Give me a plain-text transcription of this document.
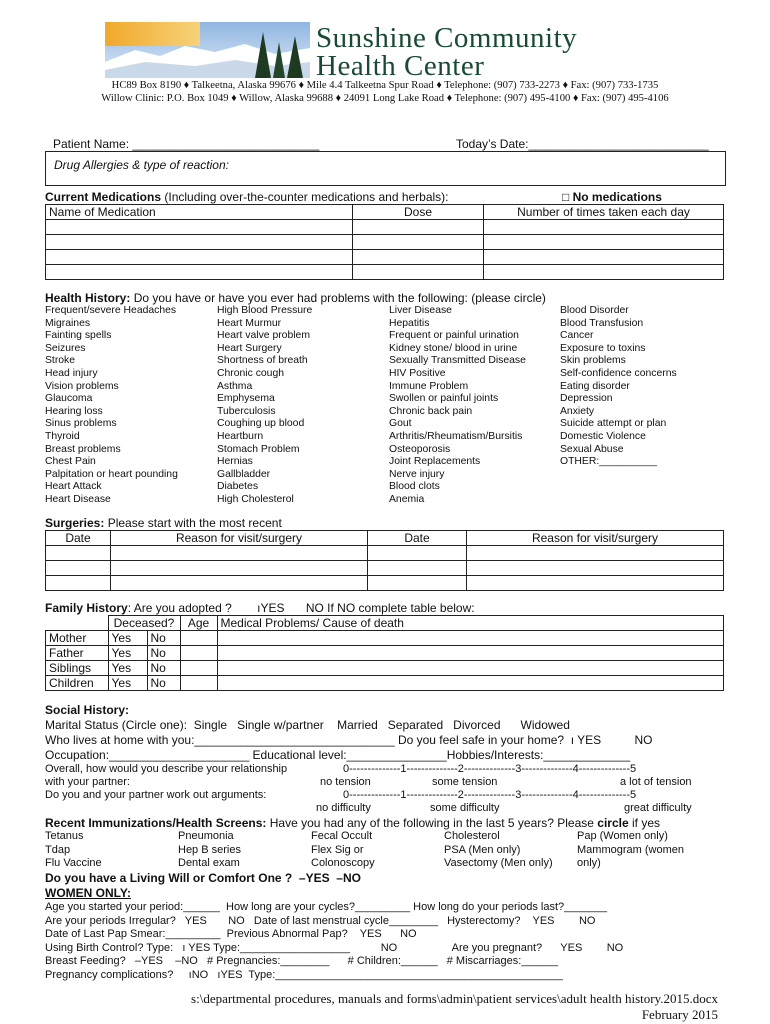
Sunshine Community
Health Center
HC89 Box 8190 ♦ Talkeetna, Alaska 99676 ♦ Mile 4.4 Talkeetna Spur Road ♦ Telephone: (907) 733-2273 ♦ Fax: (907) 733-1735
Willow Clinic: P.O. Box 1049 ♦ Willow, Alaska 99688 ♦ 24091 Long Lake Road ♦ Telephone: (907) 495-4100 ♦ Fax: (907) 495-4106
Patient Name: ____________________________	Today’s Date:___________________________
Drug Allergies & type of reaction:
Current Medications (Including over-the-counter medications and herbals):	□ No medications
Name of Medication	Dose	Number of times taken each day

Health History: Do you have or have you ever had problems with the following: (please circle)
Frequent/severe Headaches
Migraines
Fainting spells
Seizures
Stroke
Head injury
Vision problems
Glaucoma
Hearing loss
Sinus problems
Thyroid
Breast problems
Chest Pain
Palpitation or heart pounding
Heart Attack
Heart Disease
High Blood Pressure
Heart Murmur
Heart valve problem
Heart Surgery
Shortness of breath
Chronic cough
Asthma
Emphysema
Tuberculosis
Coughing up blood
Heartburn
Stomach Problem
Hernias
Gallbladder
Diabetes
High Cholesterol
Liver Disease
Hepatitis
Frequent or painful urination
Kidney stone/ blood in urine
Sexually Transmitted Disease
HIV Positive
Immune Problem
Swollen or painful joints
Chronic back pain
Gout
Arthritis/Rheumatism/Bursitis
Osteoporosis
Joint Replacements
Nerve injury
Blood clots
Anemia
Blood Disorder
Blood Transfusion
Cancer
Exposure to toxins
Skin problems
Self-confidence concerns
Eating disorder
Depression
Anxiety
Suicide attempt or plan
Domestic Violence
Sexual Abuse
OTHER:__________
Surgeries: Please start with the most recent
Date	Reason for visit/surgery	Date	Reason for visit/surgery

Family History: Are you adopted ? ıYES NO If NO complete table below:
	Deceased?		Age	Medical Problems/ Cause of death
Mother	Yes	No		
Father	Yes	No		
Siblings	Yes	No		
Children	Yes	No		
Social History:
Marital Status (Circle one):  Single   Single w/partner    Married   Separated   Divorced      Widowed
Who lives at home with you:______________________________ Do you feel safe in your home?  ı YES          NO
Occupation:_____________________ Educational level:_______________Hobbies/Interests:_____________
Overall, how would you describe your relationship
with your partner:
0--------------1--------------2--------------3--------------4--------------5
no tension	some tension	a lot of tension
Do you and your partner work out arguments:	0--------------1--------------2--------------3--------------4--------------5
no difficulty	some difficulty	great difficulty
Recent Immunizations/Health Screens: Have you had any of the following in the last 5 years? Please circle if yes
Tetanus
Tdap
Flu Vaccine
Pneumonia
Hep B series
Dental exam
Fecal Occult
Flex Sig or
Colonoscopy
Cholesterol
PSA (Men only)
Vasectomy (Men only)
Pap (Women only)
Mammogram (women
only)
Do you have a Living Will or Comfort One ?  –YES  –NO
WOMEN ONLY:
Age you started your period:______  How long are your cycles?_________ How long do your periods last?_______
Are your periods Irregular?   YES       NO   Date of last menstrual cycle________   Hysterectomy?    YES        NO
Date of Last Pap Smear:_________  Previous Abnormal Pap?    YES      NO
Using Birth Control? Type:   ı YES Type:__________________          NO                  Are you pregnant?      YES        NO
Breast Feeding?   –YES    –NO   # Pregnancies:________      # Children:______   # Miscarriages:______
Pregnancy complications?     ıNO   ıYES  Type:_______________________________________________
s:\departmental procedures, manuals and forms\admin\patient services\adult health history.2015.docx
February 2015
